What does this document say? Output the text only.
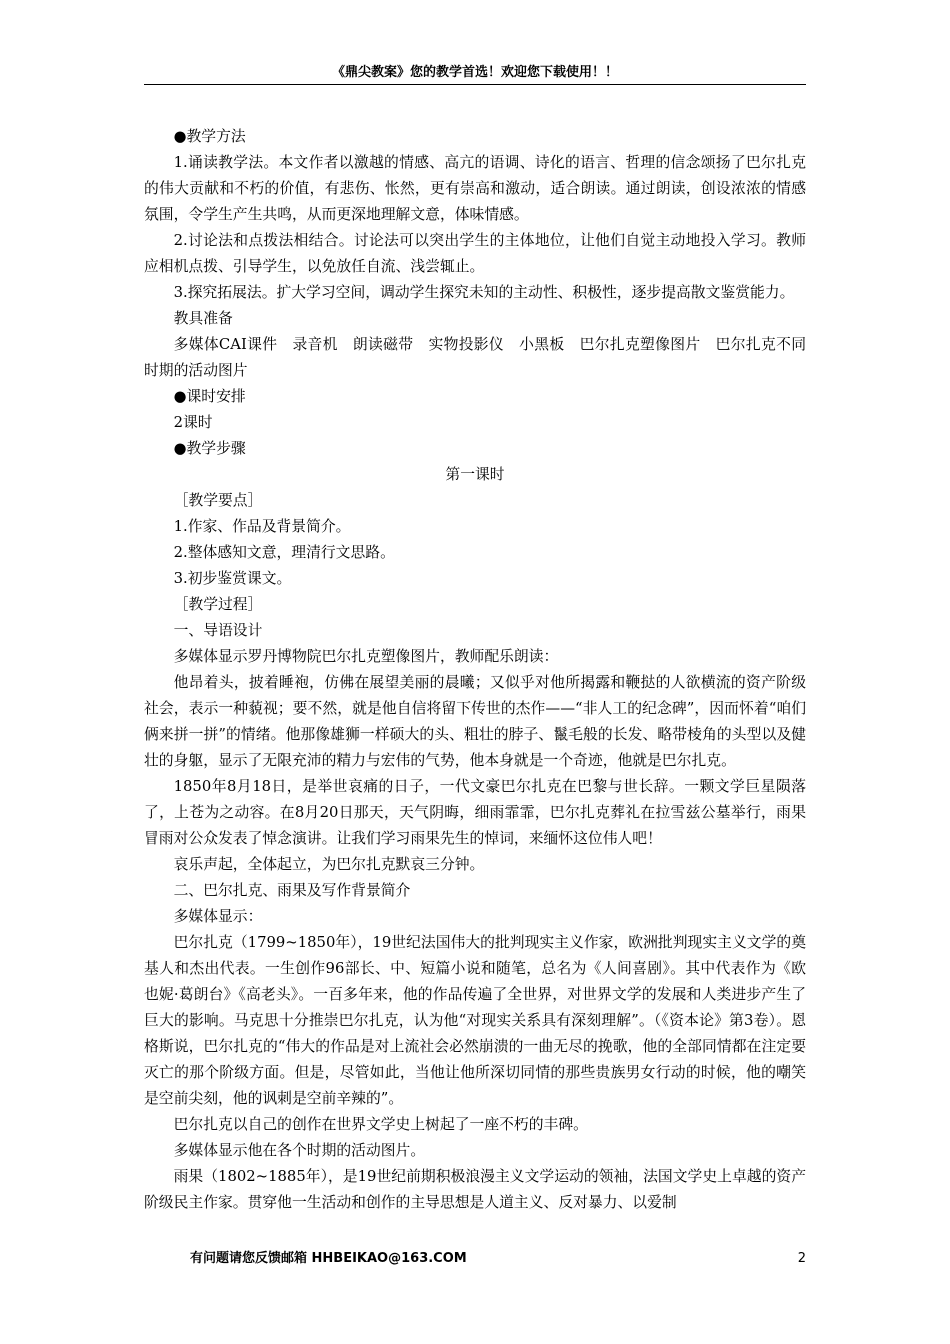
《鼎尖教案》您的教学首选！欢迎您下载使用！！

●教学方法

1.诵读教学法。本文作者以激越的情感、高亢的语调、诗化的语言、哲理的信念颂扬了巴尔扎克的伟大贡献和不朽的价值，有悲伤、怅然，更有崇高和激动，适合朗读。通过朗读，创设浓浓的情感氛围，令学生产生共鸣，从而更深地理解文意，体味情感。

2.讨论法和点拨法相结合。讨论法可以突出学生的主体地位，让他们自觉主动地投入学习。教师应相机点拨、引导学生，以免放任自流、浅尝辄止。

3.探究拓展法。扩大学习空间，调动学生探究未知的主动性、积极性，逐步提高散文鉴赏能力。

教具准备

多媒体CAI课件　录音机　朗读磁带　实物投影仪　小黑板　巴尔扎克塑像图片　巴尔扎克不同时期的活动图片

●课时安排

2课时

●教学步骤

第一课时

［教学要点］

1.作家、作品及背景简介。

2.整体感知文意，理清行文思路。

3.初步鉴赏课文。

［教学过程］

一、导语设计

多媒体显示罗丹博物院巴尔扎克塑像图片，教师配乐朗读：

他昂着头，披着睡袍，仿佛在展望美丽的晨曦；又似乎对他所揭露和鞭挞的人欲横流的资产阶级社会，表示一种藐视；要不然，就是他自信将留下传世的杰作——“非人工的纪念碑”，因而怀着“咱们俩来拼一拼”的情绪。他那像雄狮一样硕大的头、粗壮的脖子、鬣毛般的长发、略带棱角的头型以及健壮的身躯，显示了无限充沛的精力与宏伟的气势，他本身就是一个奇迹，他就是巴尔扎克。

1850年8月18日，是举世哀痛的日子，一代文豪巴尔扎克在巴黎与世长辞。一颗文学巨星陨落了，上苍为之动容。在8月20日那天，天气阴晦，细雨霏霏，巴尔扎克葬礼在拉雪兹公墓举行，雨果冒雨对公众发表了悼念演讲。让我们学习雨果先生的悼词，来缅怀这位伟人吧！

哀乐声起，全体起立，为巴尔扎克默哀三分钟。

二、巴尔扎克、雨果及写作背景简介

多媒体显示：

巴尔扎克（1799~1850年），19世纪法国伟大的批判现实主义作家，欧洲批判现实主义文学的奠基人和杰出代表。一生创作96部长、中、短篇小说和随笔，总名为《人间喜剧》。其中代表作为《欧也妮·葛朗台》《高老头》。一百多年来，他的作品传遍了全世界，对世界文学的发展和人类进步产生了巨大的影响。马克思十分推崇巴尔扎克，认为他“对现实关系具有深刻理解”。（《资本论》第3卷）。恩格斯说，巴尔扎克的“伟大的作品是对上流社会必然崩溃的一曲无尽的挽歌，他的全部同情都在注定要灭亡的那个阶级方面。但是，尽管如此，当他让他所深切同情的那些贵族男女行动的时候，他的嘲笑是空前尖刻，他的讽刺是空前辛辣的”。

巴尔扎克以自己的创作在世界文学史上树起了一座不朽的丰碑。

多媒体显示他在各个时期的活动图片。

雨果（1802~1885年），是19世纪前期积极浪漫主义文学运动的领袖，法国文学史上卓越的资产阶级民主作家。贯穿他一生活动和创作的主导思想是人道主义、反对暴力、以爱制

有问题请您反馈邮箱 HHBEIKAO@163.COM	2
